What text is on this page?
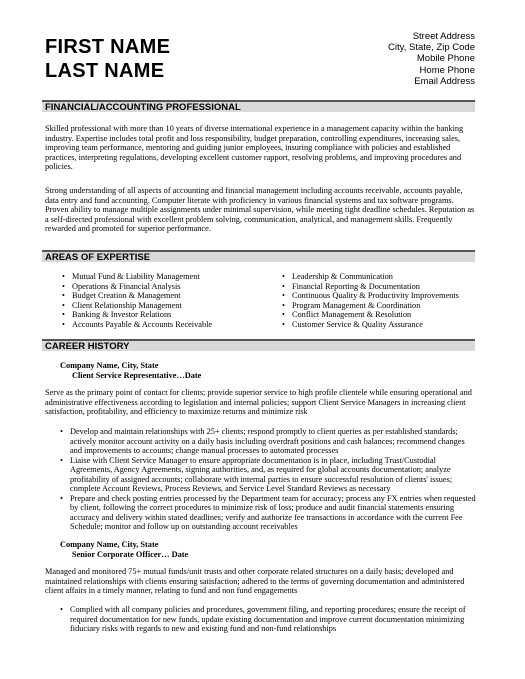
FIRST NAME
LAST NAME
Street Address
City, State, Zip Code
Mobile Phone
Home Phone
Email Address
FINANCIAL/ACCOUNTING PROFESSIONAL
Skilled professional with more than 10 years of diverse international experience in a management capacity within the banking industry. Expertise includes total profit and loss responsibility, budget preparation, controlling expenditures, increasing sales, improving team performance, mentoring and guiding junior employees, insuring compliance with policies and established practices, interpreting regulations, developing excellent customer rapport, resolving problems, and improving procedures and policies.
Strong understanding of all aspects of accounting and financial management including accounts receivable, accounts payable, data entry and fund accounting. Computer literate with proficiency in various financial systems and tax software programs. Proven ability to manage multiple assignments under minimal supervision, while meeting tight deadline schedules. Reputation as a self-directed professional with excellent problem solving, communication, analytical, and management skills. Frequently rewarded and promoted for superior performance.
AREAS OF EXPERTISE
• Mutual Fund & Liability Management
• Operations & Financial Analysis
• Budget Creation & Management
• Client Relationship Management
• Banking & Investor Relations
• Accounts Payable & Accounts Receivable
• Leadership & Communication
• Financial Reporting & Documentation
• Continuous Quality & Productivity Improvements
• Program Management & Coordination
• Conflict Management & Resolution
• Customer Service & Quality Assurance
CAREER HISTORY
Company Name, City, State
Client Service Representative…Date
Serve as the primary point of contact for clients; provide superior service to high profile clientele while ensuring operational and administrative effectiveness according to legislation and internal policies; support Client Service Managers in increasing client satisfaction, profitability, and efficiency to maximize returns and minimize risk
• Develop and maintain relationships with 25+ clients; respond promptly to client queries as per established standards; actively monitor account activity on a daily basis including overdraft positions and cash balances; recommend changes and improvements to accounts; change manual processes to automated processes
• Liaise with Client Service Manager to ensure appropriate documentation is in place, including Trust/Custodial Agreements, Agency Agreements, signing authorities, and, as required for global accounts documentation; analyze profitability of assigned accounts; collaborate with internal parties to ensure successful resolution of clients' issues; complete Account Reviews, Process Reviews, and Service Level Standard Reviews as necessary
• Prepare and check posting entries processed by the Department team for accuracy; process any FX entries when requested by client, following the correct procedures to minimize risk of loss; produce and audit financial statements ensuring accuracy and delivery within stated deadlines; verify and authorize fee transactions in accordance with the current Fee Schedule; monitor and follow up on outstanding account receivables
Company Name, City, State
Senior Corporate Officer… Date
Managed and monitored 75+ mutual funds/unit trusts and other corporate related structures on a daily basis; developed and maintained relationships with clients ensuring satisfaction; adhered to the terms of governing documentation and administered client affairs in a timely manner, relating to fund and non fund engagements
• Complied with all company policies and procedures, government filing, and reporting procedures; ensure the receipt of required documentation for new funds, update existing documentation and improve current documentation minimizing fiduciary risks with regards to new and existing fund and non-fund relationships
